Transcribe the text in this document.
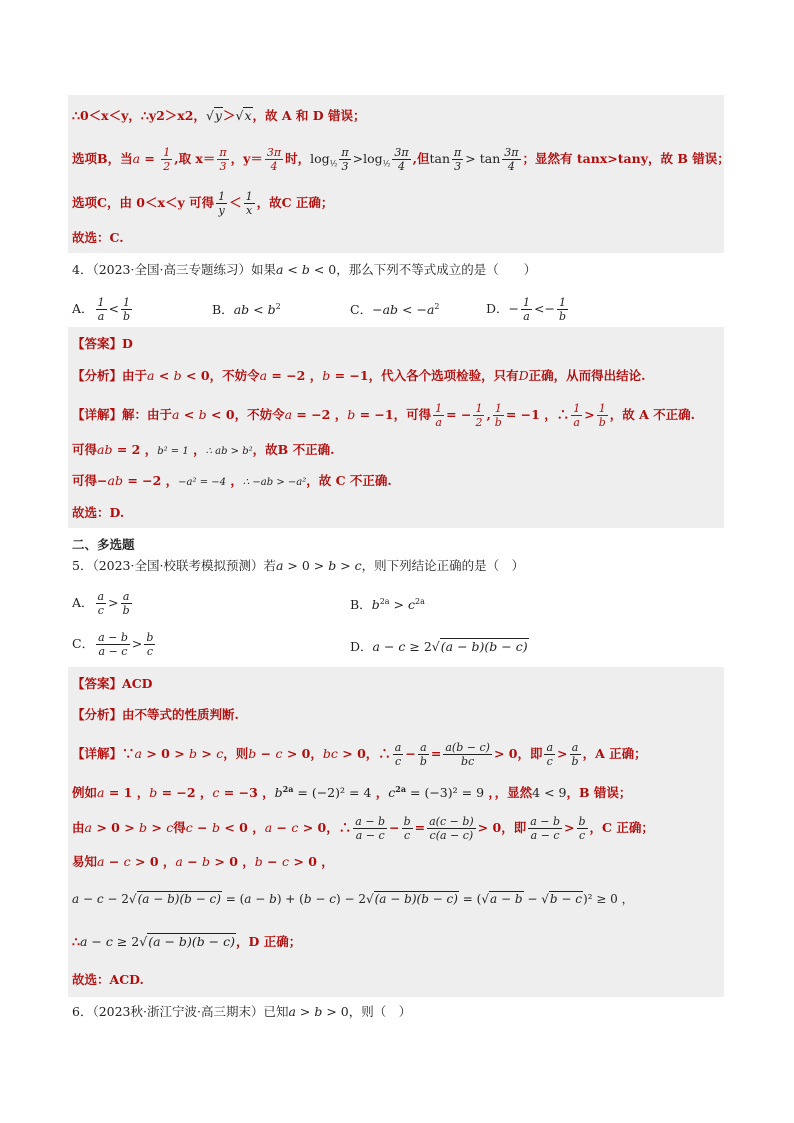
∴0＜x＜y，∴y2＞x2，√y＞√x，故 A 和 D 错误；
选项B，当$a = \frac{1}{2}$ ,取 $x= \frac{\pi}{3}$ ，$y= \frac{3\pi}{4}$ 时，$\log_{\frac{1}{2}} \frac{\pi}{3} >\log_{\frac{1}{2}} \frac{3\pi}{4}$ ,但$\tan \frac{\pi}{3} > \tan \frac{3\pi}{4}$ ；显然有 tanx>tany，故 B 错误；
选项C，由 0＜x＜y 可得 $\frac{1}{y} < \frac{1}{x}$ ，故C 正确；
故选：C.
4．（2023·全国·高三专题练习）如果a < b < 0，那么下列不等式成立的是（　　）
A． $\frac{1}{a} < \frac{1}{b}$	B．ab < $b^2$	C．$-ab < -a^2$	D．− $\frac{1}{a} <- \frac{1}{b}$
【答案】D
【分析】由于a < b < 0，不妨令a = −2 ，b = −1，代入各个选项检验，只有D正确，从而得出结论.
【详解】解：由于a < b < 0，不妨令a = −2 ，b = −1，可得 $\frac{1}{a}$ = − $\frac{1}{2}$ , $\frac{1}{b} = -1$ ，∴ $\frac{1}{a} > \frac{1}{b}$ ，故 A 不正确.
可得ab = 2 ，b² = 1 ，∴ ab > b²，故B 不正确.
可得−ab = −2 ，−a² = −4 ，∴ −ab > −a²，故 C 不正确.
故选：D.
二、多选题
5．（2023·全国·校联考模拟预测）若a > 0 > b > c，则下列结论正确的是（　）
A． $\frac{a}{c} > \frac{a}{b}$	B．$b^{2a} > c^{2a}$
C． $\frac{a - b}{a - c} > \frac{b}{c}$	D．a − c ≥ 2√(a − b)(b − c)
【答案】ACD
【分析】由不等式的性质判断.
【详解】∵a > 0 > b > c，则b − c > 0，bc > 0，∴ $\frac{a}{c} - \frac{a}{b} = \frac{a(b - c)}{bc} > 0$，即 $\frac{a}{c} > \frac{a}{b}$ ，A 正确；
例如a = 1 ，b = −2 ，c = −3 ，$b^{2a} = (-2)^2 = 4$ ，$c^{2a} = (-3)^2 = 9$ ，，显然4 < 9，B 错误；
由a > 0 > b > c得c − b < 0 ，a − c > 0，∴ $\frac{a - b}{a - c} - \frac{b}{c} = \frac{a(c - b)}{c(a - c)} > 0$，即 $\frac{a - b}{a - c} > \frac{b}{c}$ ，C 正确；
易知a − c > 0 ，a − b > 0 ，b − c > 0 ，
a − c − 2√(a − b)(b − c) = (a − b) + (b − c) − 2√(a − b)(b − c) = (√a − b − √b − c)² ≥ 0 ，
∴a − c ≥ 2√(a − b)(b − c)，D 正确；
故选：ACD.
6．（2023秋·浙江宁波·高三期末）已知a > b > 0，则（　）
